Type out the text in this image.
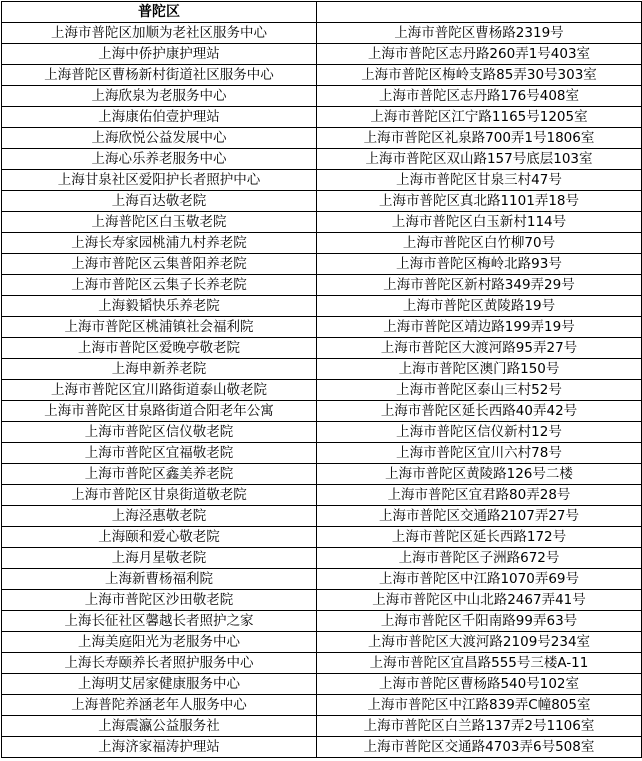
普陀区	
上海市普陀区加顺为老社区服务中心	上海市普陀区曹杨路2319号
上海中侨护康护理站	上海市普陀区志丹路260弄1号403室
上海普陀区曹杨新村街道社区服务中心	上海市普陀区梅岭支路85弄30号303室
上海欣泉为老服务中心	上海市普陀区志丹路176号408室
上海康佑伯壹护理站	上海市普陀区江宁路1165号1205室
上海欣悦公益发展中心	上海市普陀区礼泉路700弄1号1806室
上海心乐养老服务中心	上海市普陀区双山路157号底层103室
上海甘泉社区爱阳护长者照护中心	上海市普陀区甘泉三村47号
上海百达敬老院	上海市普陀区真北路1101弄18号
上海普陀区白玉敬老院	上海市普陀区白玉新村114号
上海长寿家园桃浦九村养老院	上海市普陀区白竹柳70号
上海市普陀区云集普阳养老院	上海市普陀区梅岭北路93号
上海市普陀区云集子长养老院	上海市普陀区新村路349弄29号
上海毅韬快乐养老院	上海市普陀区黄陵路19号
上海市普陀区桃浦镇社会福利院	上海市普陀区靖边路199弄19号
上海市普陀区爱晚亭敬老院	上海市普陀区大渡河路95弄27号
上海申新养老院	上海市普陀区澳门路150号
上海市普陀区宜川路街道泰山敬老院	上海市普陀区泰山三村52号
上海市普陀区甘泉路街道合阳老年公寓	上海市普陀区延长西路40弄42号
上海市普陀区信仪敬老院	上海市普陀区信仪新村12号
上海市普陀区宜福敬老院	上海市普陀区宜川六村78号
上海市普陀区鑫美养老院	上海市普陀区黄陵路126号二楼
上海市普陀区甘泉街道敬老院	上海市普陀区宜君路80弄28号
上海泾惠敬老院	上海市普陀区交通路2107弄27号
上海颐和爱心敬老院	上海市普陀区延长西路172号
上海月星敬老院	上海市普陀区子洲路672号
上海新曹杨福利院	上海市普陀区中江路1070弄69号
上海市普陀区沙田敬老院	上海市普陀区中山北路2467弄41号
上海长征社区馨越长者照护之家	上海市普陀区千阳南路99弄63号
上海美庭阳光为老服务中心	上海市普陀区大渡河路2109号234室
上海长寿颐养长者照护服务中心	上海市普陀区宜昌路555号三楼A-11
上海明艾居家健康服务中心	上海市普陀区曹杨路540号102室
上海普陀养涵老年人服务中心	上海市普陀区中江路839弄C幢805室
上海震瀛公益服务社	上海市普陀区白兰路137弄2号1106室
上海济家福涛护理站	上海市普陀区交通路4703弄6号508室
